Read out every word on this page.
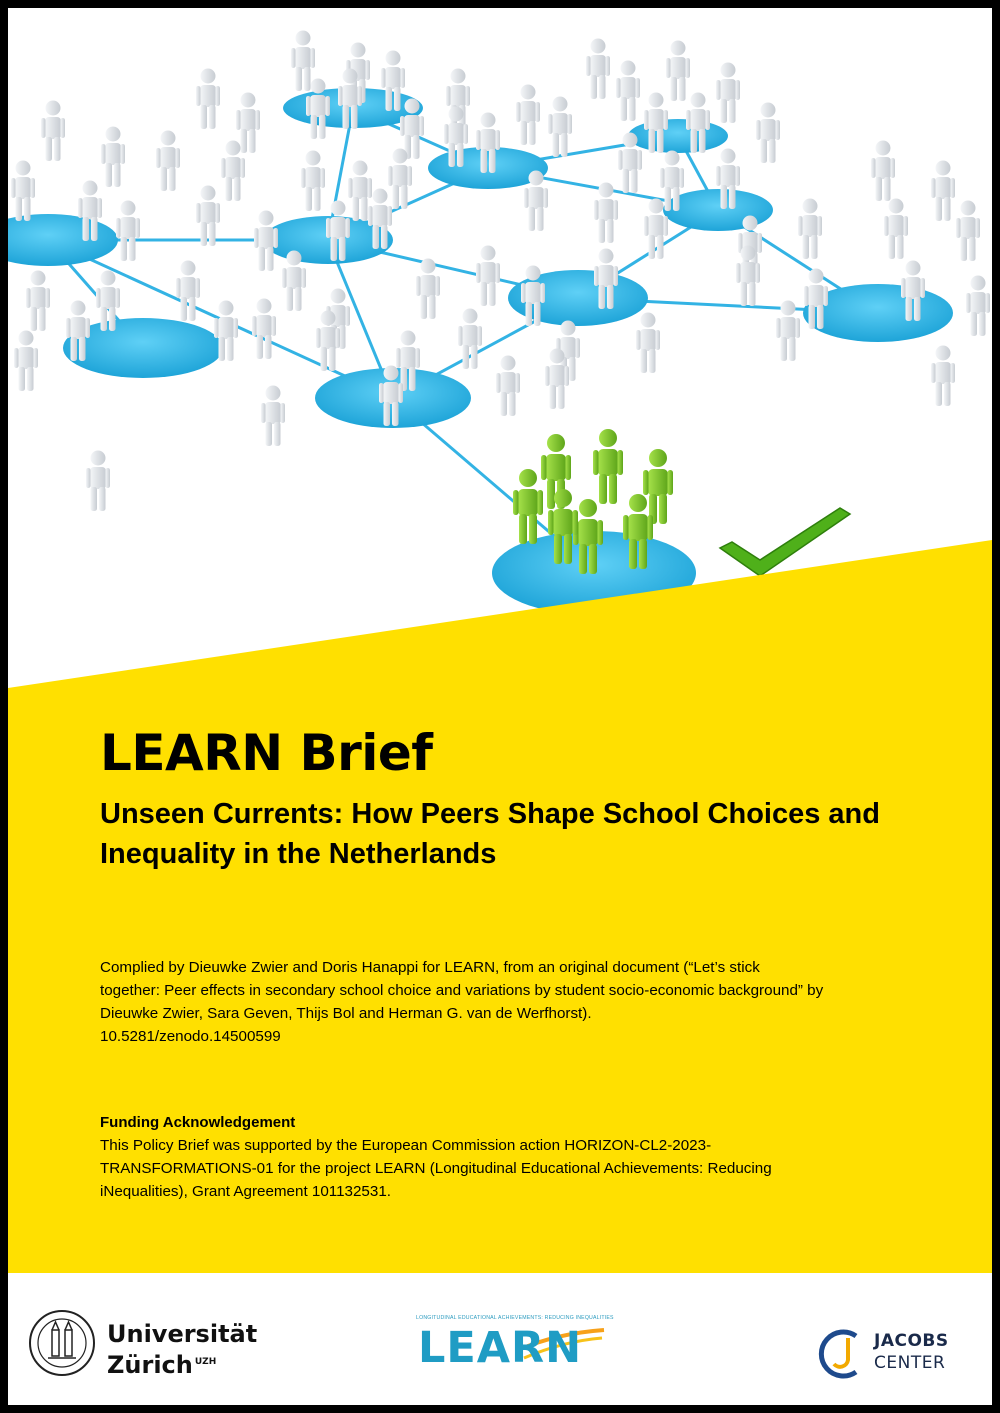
LEARN Brief
Unseen Currents: How Peers Shape School Choices and Inequality in the Netherlands

Complied by Dieuwke Zwier and Doris Hanappi for LEARN, from an original document (“Let’s stick
together: Peer effects in secondary school choice and variations by student socio-economic background” by
Dieuwke Zwier, Sara Geven, Thijs Bol and Herman G. van de Werfhorst).
10.5281/zenodo.14500599

Funding Acknowledgement

This Policy Brief was supported by the European Commission action HORIZON-CL2-2023-
TRANSFORMATIONS-01 for the project LEARN (Longitudinal Educational Achievements: Reducing
iNequalities), Grant Agreement 101132531.

Universität
Zürich $^{UZH}$
LONGITUDINAL EDUCATIONAL ACHIEVEMENTS: REDUCING INEQUALITIES
LEARN	JACOBS
CENTER
